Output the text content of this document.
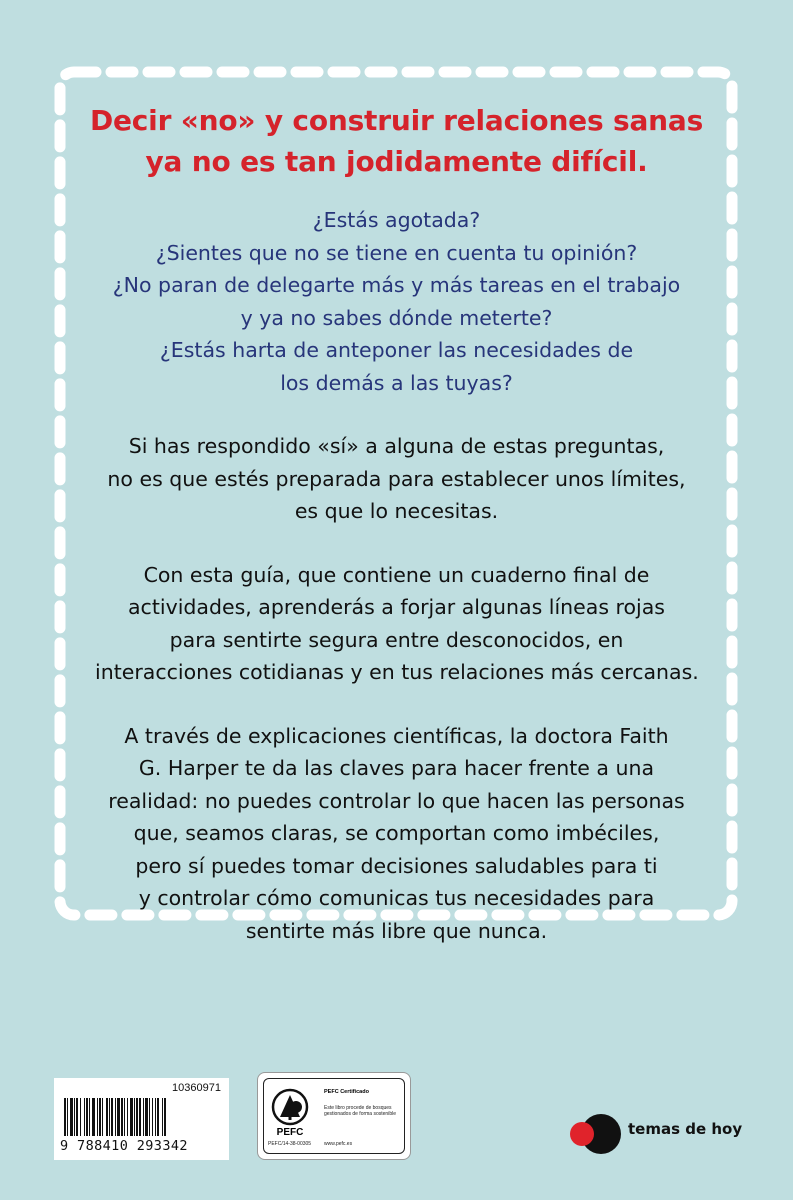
Decir «no» y construir relaciones sanas
ya no es tan jodidamente difícil.

¿Estás agotada?
¿Sientes que no se tiene en cuenta tu opinión?
¿No paran de delegarte más y más tareas en el trabajo
y ya no sabes dónde meterte?
¿Estás harta de anteponer las necesidades de
los demás a las tuyas?
Si has respondido «sí» a alguna de estas preguntas,
no es que estés preparada para establecer unos límites,
es que lo necesitas.
Con esta guía, que contiene un cuaderno final de
actividades, aprenderás a forjar algunas líneas rojas
para sentirte segura entre desconocidos, en
interacciones cotidianas y en tus relaciones más cercanas.
A través de explicaciones científicas, la doctora Faith
G. Harper te da las claves para hacer frente a una
realidad: no puedes controlar lo que hacen las personas
que, seamos claras, se comportan como imbéciles,
pero sí puedes tomar decisiones saludables para ti
y controlar cómo comunicas tus necesidades para
sentirte más libre que nunca.
10360971
9 788410 293342
PEFC
PEFC/14-38-00305
PEFC Certificado
Este libro procede de bosques gestionados de forma sostenible
www.pefc.es
temas de hoy
